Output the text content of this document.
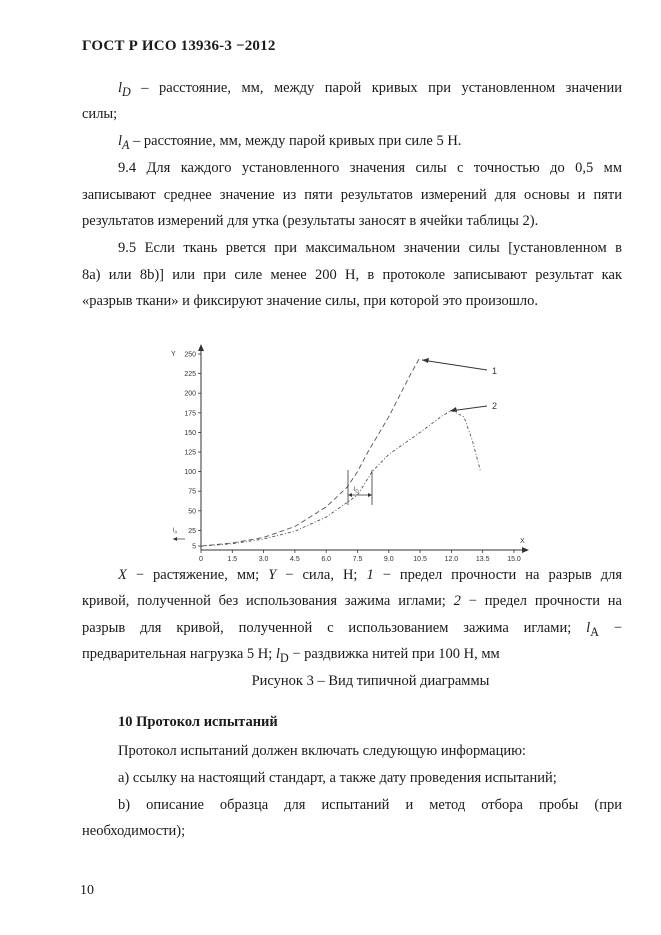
ГОСТ Р ИСО 13936-3 −2012
$l_D$ – расстояние, мм, между парой кривых при установленном значении
силы;
$l_A$ – расстояние, мм, между парой кривых при силе 5 Н.
9.4 Для каждого установленного значения силы с точностью до 0,5 мм
записывают среднее значение из пяти результатов измерений для основы и пяти
результатов измерений для утка (результаты заносят в ячейки таблицы 2).
9.5 Если ткань рвется при максимальном значении силы [установленном в
8а) или 8b)] или при силе менее 200 Н, в протоколе записывают результат как
«разрыв ткани» и фиксируют значение силы, при которой это произошло.
Y
X
0	1.5	3.0	4.5	6.0	7.5	9.0	10.5	12.0	13.5	15.0
5
25
50
75
100
125
150
175
200
225
250
$l_D$
$l_A$
1
2
X − растяжение, мм; Y − сила, Н; 1 − предел прочности на разрыв для
кривой, полученной без использования зажима иглами; 2 − предел прочности на
разрыв для кривой, полученной с использованием зажима иглами; $l_A$ −
предварительная нагрузка 5 Н; $l_D$ − раздвижка нитей при 100 Н, мм
Рисунок 3 – Вид типичной диаграммы
10 Протокол испытаний
Протокол испытаний должен включать следующую информацию:
a) ссылку на настоящий стандарт, а также дату проведения испытаний;
b) описание образца для испытаний и метод отбора пробы (при
необходимости);
10
